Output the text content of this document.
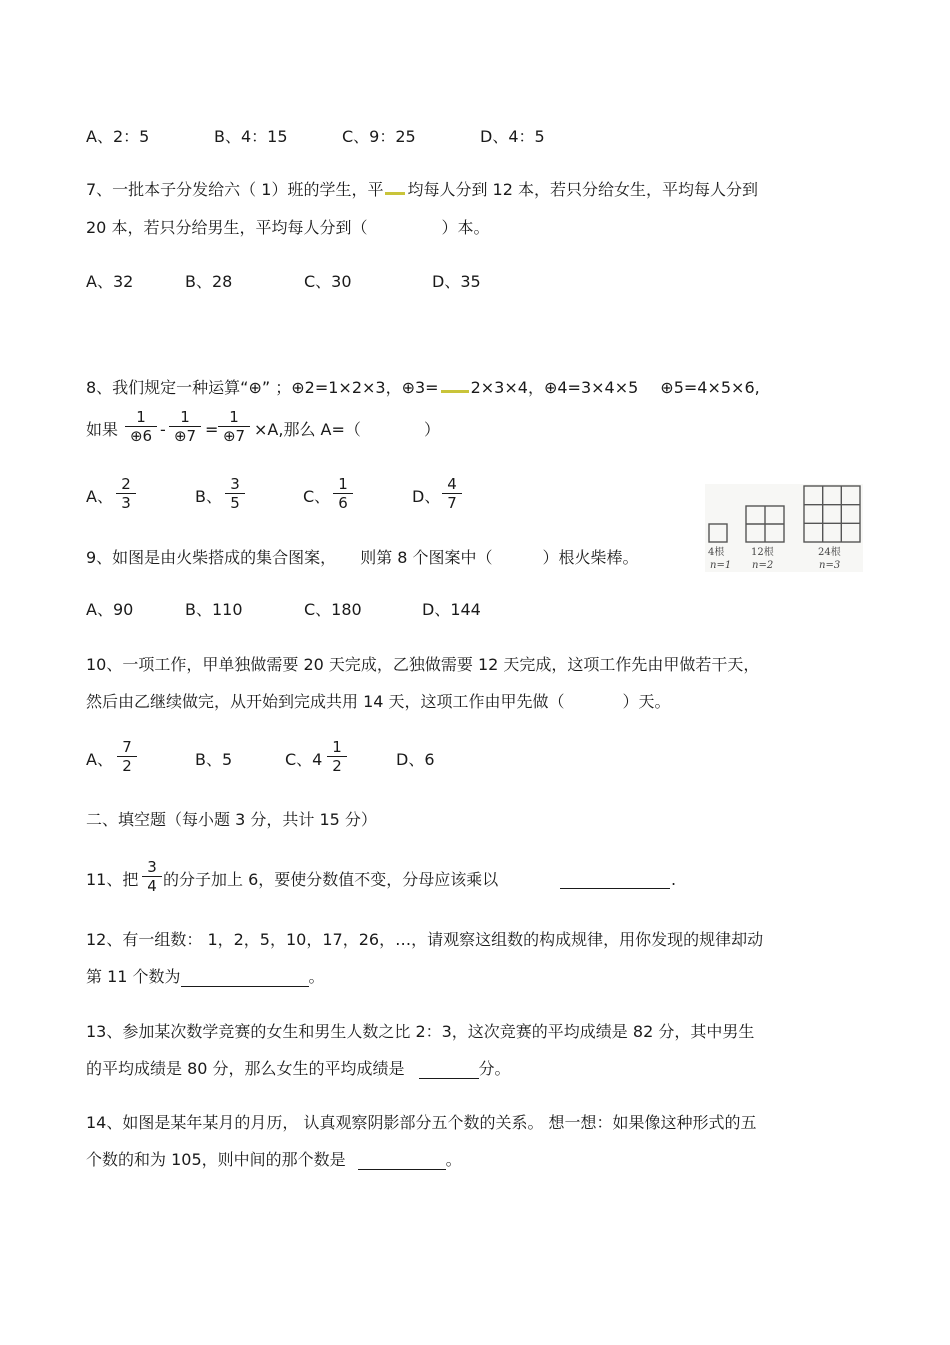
A、2：5	B、4：15	C、9：25	D、4：5
7、一批本子分发给六（ 1）班的学生，平 均每人分到 12 本，若只分给女生，平均每人分到
20 本，若只分给男生，平均每人分到（	）本。
A、32	B、28	C、30	D、35
8、我们规定一种运算“⊕” ；⊕2=1×2×3，⊕3= 2×3×4，⊕4=3×4×5 ⊕5=4×5×6,
如果 $\frac{1}{\oplus 6} - \frac{1}{\oplus 7} = \frac{1}{\oplus 7} \times A$,那么 A=（	）
A、 $\frac{2}{3}$	B、 $\frac{3}{5}$	C、 $\frac{1}{6}$	D、 $\frac{4}{7}$
9、如图是由火柴搭成的集合图案， 则第 8 个图案中（	）根火柴棒。	4根
n=1
12根
n=2
24根
n=3
A、90	B、110	C、180	D、144
10、一项工作，甲单独做需要 20 天完成，乙独做需要 12 天完成，这项工作先由甲做若干天，
然后由乙继续做完，从开始到完成共用 14 天，这项工作由甲先做（	）天。
A、 $\frac{7}{2}$	B、5	C、$4 \frac{1}{2}$	D、6
二、填空题（每小题 3 分，共计 15 分）
11、把 $\frac{3}{4}$ 的分子加上 6，要使分数值不变，分母应该乘以	.
12、有一组数： 1，2，5，10，17，26，…，请观察这组数的构成规律，用你发现的规律却动
第 11 个数为	。
13、参加某次数学竞赛的女生和男生人数之比 2：3，这次竞赛的平均成绩是 82 分，其中男生
的平均成绩是 80 分，那么女生的平均成绩是	分。
14、如图是某年某月的月历， 认真观察阴影部分五个数的关系。 想一想：如果像这种形式的五
个数的和为 105，则中间的那个数是	。
